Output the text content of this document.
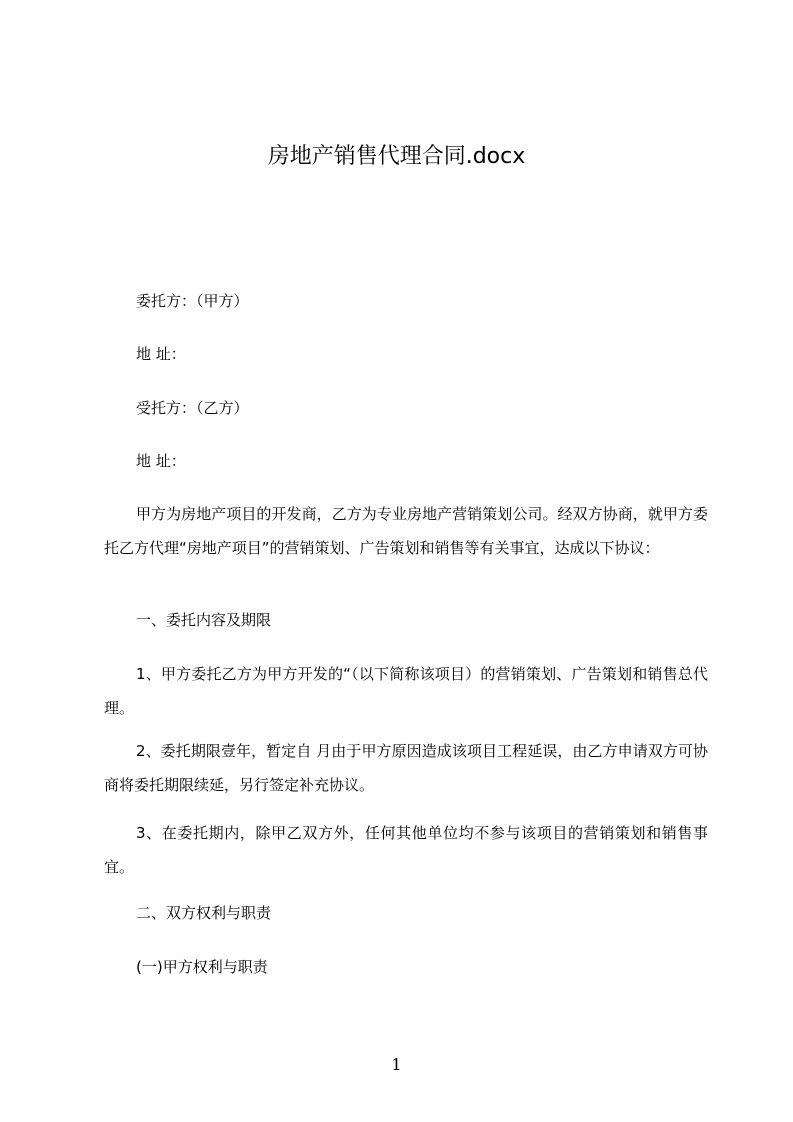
房地产销售代理合同.docx

委托方：（甲方）

地 址：

受托方：（乙方）

地 址：

甲方为房地产项目的开发商，乙方为专业房地产营销策划公司。经双方协商，就甲方委托乙方代理“房地产项目”的营销策划、广告策划和销售等有关事宜，达成以下协议：

一、委托内容及期限

1、甲方委托乙方为甲方开发的“（以下简称该项目）的营销策划、广告策划和销售总代理。

2、委托期限壹年，暂定自 月由于甲方原因造成该项目工程延误，由乙方申请双方可协商将委托期限续延，另行签定补充协议。

3、在委托期内，除甲乙双方外，任何其他单位均不参与该项目的营销策划和销售事宜。

二、双方权利与职责

(一)甲方权利与职责

1
